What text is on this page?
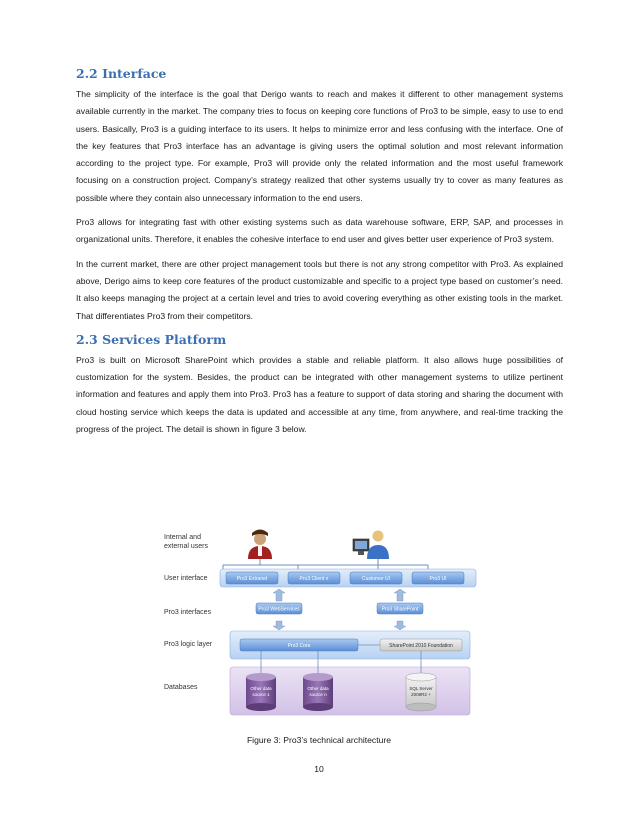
2.2 Interface

The simplicity of the interface is the goal that Derigo wants to reach and makes it different to other management systems available currently in the market. The company tries to focus on keeping core functions of Pro3 to be simple, easy to use to end users. Basically, Pro3 is a guiding interface to its users. It helps to minimize error and less confusing with the interface. One of the key features that Pro3 interface has an advantage is giving users the optimal solution and most relevant information according to the project type. For example, Pro3 will provide only the related information and the most useful framework focusing on a construction project. Company’s strategy realized that other systems usually try to cover as many features as possible where they contain also unnecessary information to the end users.

Pro3 allows for integrating fast with other existing systems such as data warehouse software, ERP, SAP, and processes in organizational units. Therefore, it enables the cohesive interface to end user and gives better user experience of Pro3 system.

In the current market, there are other project management tools but there is not any strong competitor with Pro3. As explained above, Derigo aims to keep core features of the product customizable and specific to a project type based on customer’s need. It also keeps managing the project at a certain level and tries to avoid covering everything as other existing tools in the market. That differentiates Pro3 from their competitors.

2.3 Services Platform

Pro3 is built on Microsoft SharePoint which provides a stable and reliable platform. It also allows huge possibilities of customization for the system. Besides, the product can be integrated with other management systems to utilize pertinent information and features and apply them into Pro3. Pro3 has a feature to support of data storing and sharing the document with cloud hosting service which keeps the data is updated and accessible at any time, from anywhere, and real-time tracking the progress of the project. The detail is shown in figure 3 below.

Internal and
external users
User interface
Pro3 interfaces
Pro3 logic layer
Databases
Pro3 Extranet	Pro3 Client n	Customer UI	Pro3 UI
Pro3 WebServices	Pro3 SharePoint
Pro3 Core	SharePoint 2010 Foundation
Other data
source 1
Other data
source n
SQL Server
2008R2 +
Figure 3: Pro3’s technical architecture
10
